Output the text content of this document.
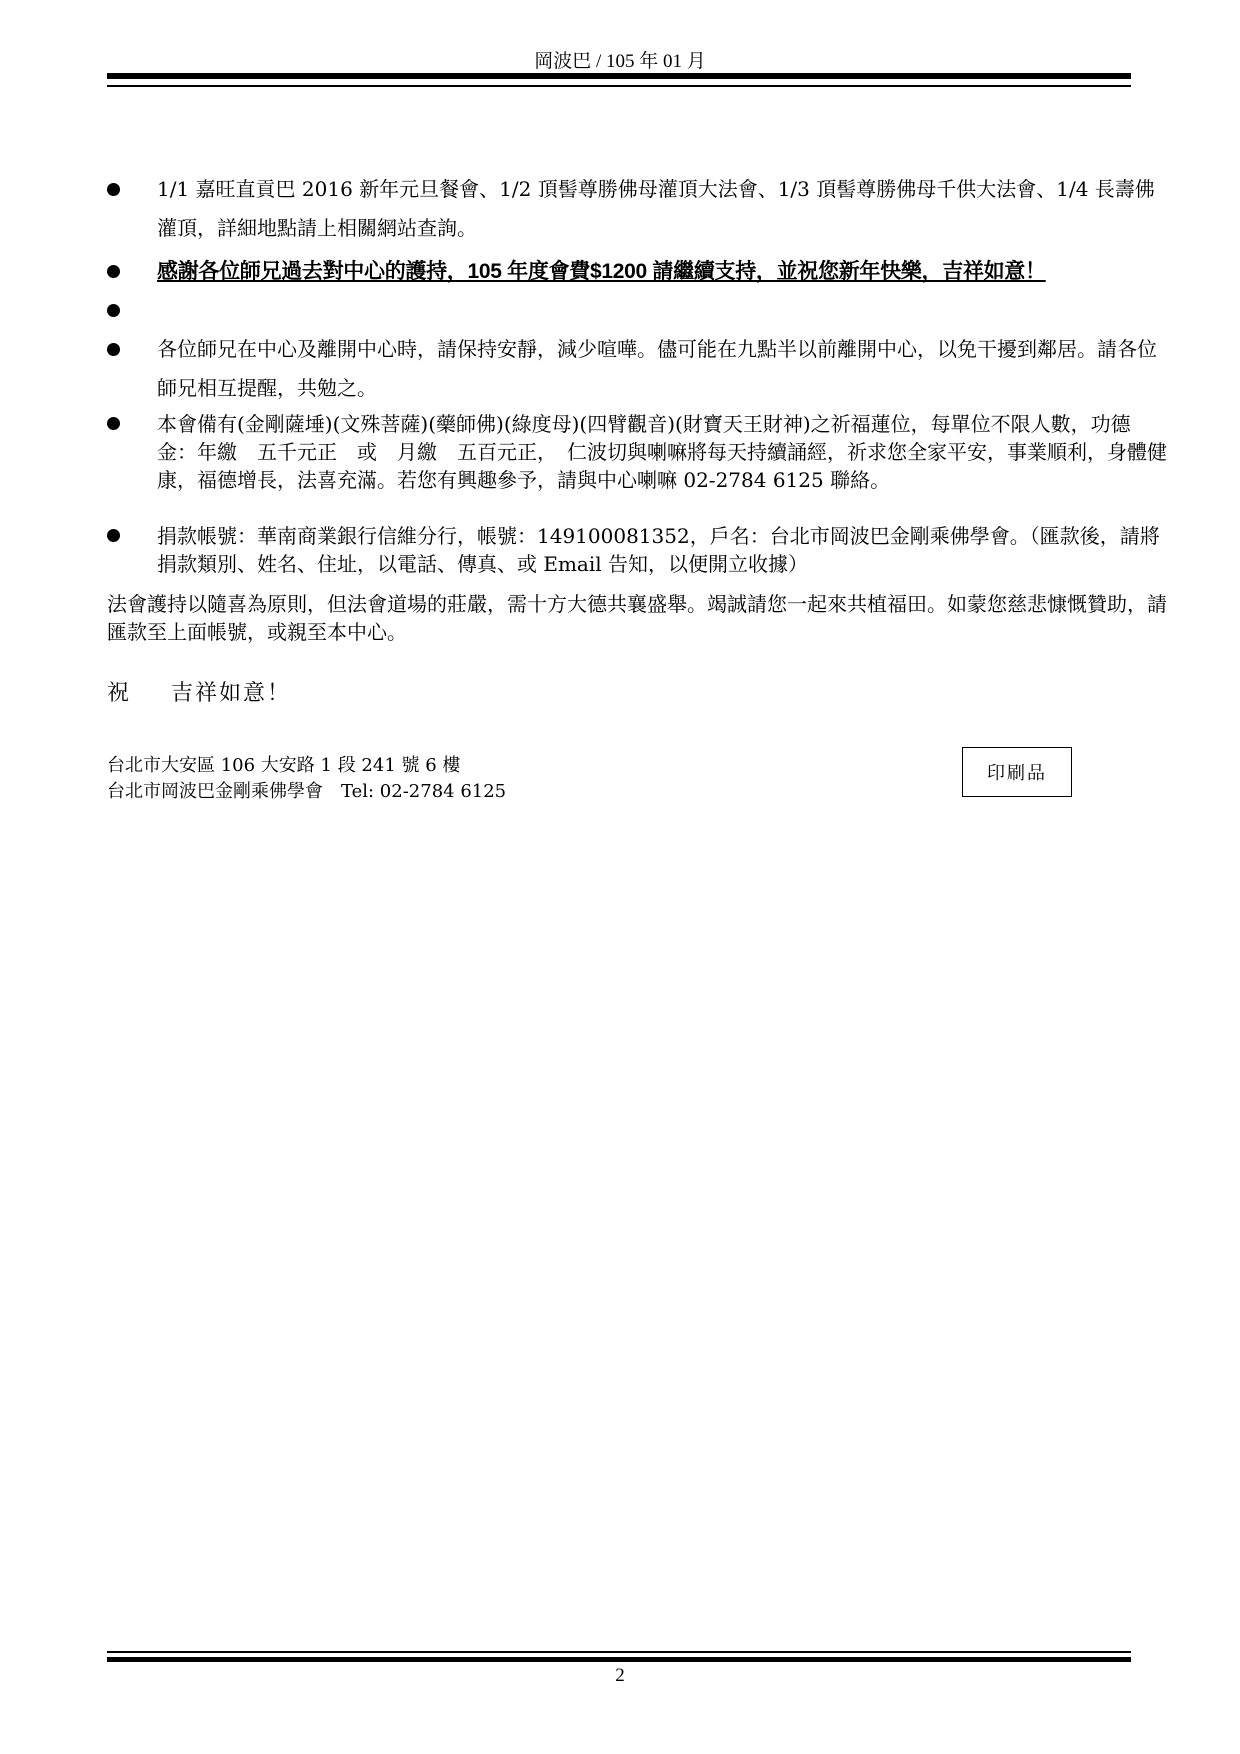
岡波巴 / 105 年 01 月
1/1 嘉旺直貢巴 2016 新年元旦餐會、1/2 頂髻尊勝佛母灌頂大法會、1/3 頂髻尊勝佛母千供大法會、1/4 長壽佛灌頂，詳細地點請上相關網站查詢。
感謝各位師兄過去對中心的護持，105 年度會費$1200 請繼續支持，並祝您新年快樂，吉祥如意！
各位師兄在中心及離開中心時，請保持安靜，減少喧嘩。儘可能在九點半以前離開中心，以免干擾到鄰居。請各位師兄相互提醒，共勉之。
本會備有(金剛薩埵)(文殊菩薩)(藥師佛)(綠度母)(四臂觀音)(財寶天王財神)之祈福蓮位，每單位不限人數，功德金：年繳　五千元正　或　月繳　五百元正，　仁波切與喇嘛將每天持續誦經，祈求您全家平安，事業順利，身體健康，福德增長，法喜充滿。若您有興趣參予，請與中心喇嘛 02-2784 6125 聯絡。
捐款帳號：華南商業銀行信維分行，帳號：149100081352，戶名：台北市岡波巴金剛乘佛學會。（匯款後，請將捐款類別、姓名、住址，以電話、傳真、或 Email 告知，以便開立收據）
法會護持以隨喜為原則，但法會道場的莊嚴，需十方大德共襄盛舉。竭誠請您一起來共植福田。如蒙您慈悲慷慨贊助，請匯款至上面帳號，或親至本中心。
祝 吉祥如意！
台北市大安區 106 大安路 1 段 241 號 6 樓
台北市岡波巴金剛乘佛學會　Tel: 02-2784 6125
印刷品
2
